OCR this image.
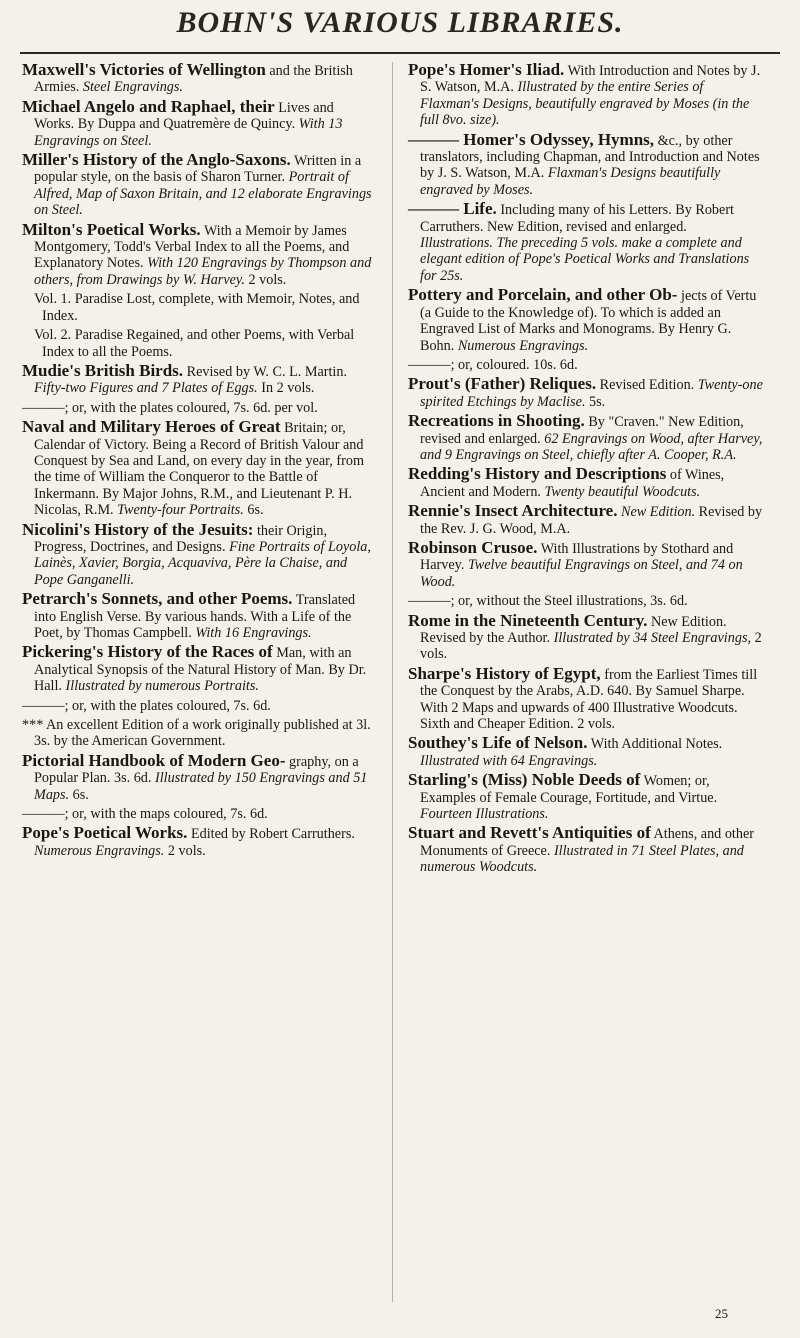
BOHN'S VARIOUS LIBRARIES.
Maxwell's Victories of Wellington and the British Armies. Steel Engravings.
Michael Angelo and Raphael, their Lives and Works. By Duppa and Quatremère de Quincy. With 13 Engravings on Steel.
Miller's History of the Anglo-Saxons. Written in a popular style, on the basis of Sharon Turner. Portrait of Alfred, Map of Saxon Britain, and 12 elaborate Engravings on Steel.
Milton's Poetical Works. With a Memoir by James Montgomery, Todd's Verbal Index to all the Poems, and Explanatory Notes. With 120 Engravings by Thompson and others, from Drawings by W. Harvey. 2 vols.
Vol. 1. Paradise Lost, complete, with Memoir, Notes, and Index.
Vol. 2. Paradise Regained, and other Poems, with Verbal Index to all the Poems.
Mudie's British Birds. Revised by W. C. L. Martin. Fifty-two Figures and 7 Plates of Eggs. In 2 vols.
———; or, with the plates coloured, 7s. 6d. per vol.
Naval and Military Heroes of Great Britain; or, Calendar of Victory. Being a Record of British Valour and Conquest by Sea and Land, on every day in the year, from the time of William the Conqueror to the Battle of Inkermann. By Major Johns, R.M., and Lieutenant P. H. Nicolas, R.M. Twenty-four Portraits. 6s.
Nicolini's History of the Jesuits: their Origin, Progress, Doctrines, and Designs. Fine Portraits of Loyola, Lainès, Xavier, Borgia, Acquaviva, Père la Chaise, and Pope Ganganelli.
Petrarch's Sonnets, and other Poems. Translated into English Verse. By various hands. With a Life of the Poet, by Thomas Campbell. With 16 Engravings.
Pickering's History of the Races of Man, with an Analytical Synopsis of the Natural History of Man. By Dr. Hall. Illustrated by numerous Portraits.
———; or, with the plates coloured, 7s. 6d.
*** An excellent Edition of a work originally published at 3l. 3s. by the American Government.
Pictorial Handbook of Modern Geo- graphy, on a Popular Plan. 3s. 6d. Illustrated by 150 Engravings and 51 Maps. 6s.
———; or, with the maps coloured, 7s. 6d.
Pope's Poetical Works. Edited by Robert Carruthers. Numerous Engravings. 2 vols.
Pope's Homer's Iliad. With Introduction and Notes by J. S. Watson, M.A. Illustrated by the entire Series of Flaxman's Designs, beautifully engraved by Moses (in the full 8vo. size).
——— Homer's Odyssey, Hymns, &c., by other translators, including Chapman, and Introduction and Notes by J. S. Watson, M.A. Flaxman's Designs beautifully engraved by Moses.
——— Life. Including many of his Letters. By Robert Carruthers. New Edition, revised and enlarged. Illustrations. The preceding 5 vols. make a complete and elegant edition of Pope's Poetical Works and Translations for 25s.
Pottery and Porcelain, and other Ob- jects of Vertu (a Guide to the Knowledge of). To which is added an Engraved List of Marks and Monograms. By Henry G. Bohn. Numerous Engravings.
———; or, coloured. 10s. 6d.
Prout's (Father) Reliques. Revised Edition. Twenty-one spirited Etchings by Maclise. 5s.
Recreations in Shooting. By "Craven." New Edition, revised and enlarged. 62 Engravings on Wood, after Harvey, and 9 Engravings on Steel, chiefly after A. Cooper, R.A.
Redding's History and Descriptions of Wines, Ancient and Modern. Twenty beautiful Woodcuts.
Rennie's Insect Architecture. New Edition. Revised by the Rev. J. G. Wood, M.A.
Robinson Crusoe. With Illustrations by Stothard and Harvey. Twelve beautiful Engravings on Steel, and 74 on Wood.
———; or, without the Steel illustrations, 3s. 6d.
Rome in the Nineteenth Century. New Edition. Revised by the Author. Illustrated by 34 Steel Engravings, 2 vols.
Sharpe's History of Egypt, from the Earliest Times till the Conquest by the Arabs, A.D. 640. By Samuel Sharpe. With 2 Maps and upwards of 400 Illustrative Woodcuts. Sixth and Cheaper Edition. 2 vols.
Southey's Life of Nelson. With Additional Notes. Illustrated with 64 Engravings.
Starling's (Miss) Noble Deeds of Women; or, Examples of Female Courage, Fortitude, and Virtue. Fourteen Illustrations.
Stuart and Revett's Antiquities of Athens, and other Monuments of Greece. Illustrated in 71 Steel Plates, and numerous Woodcuts.
25
